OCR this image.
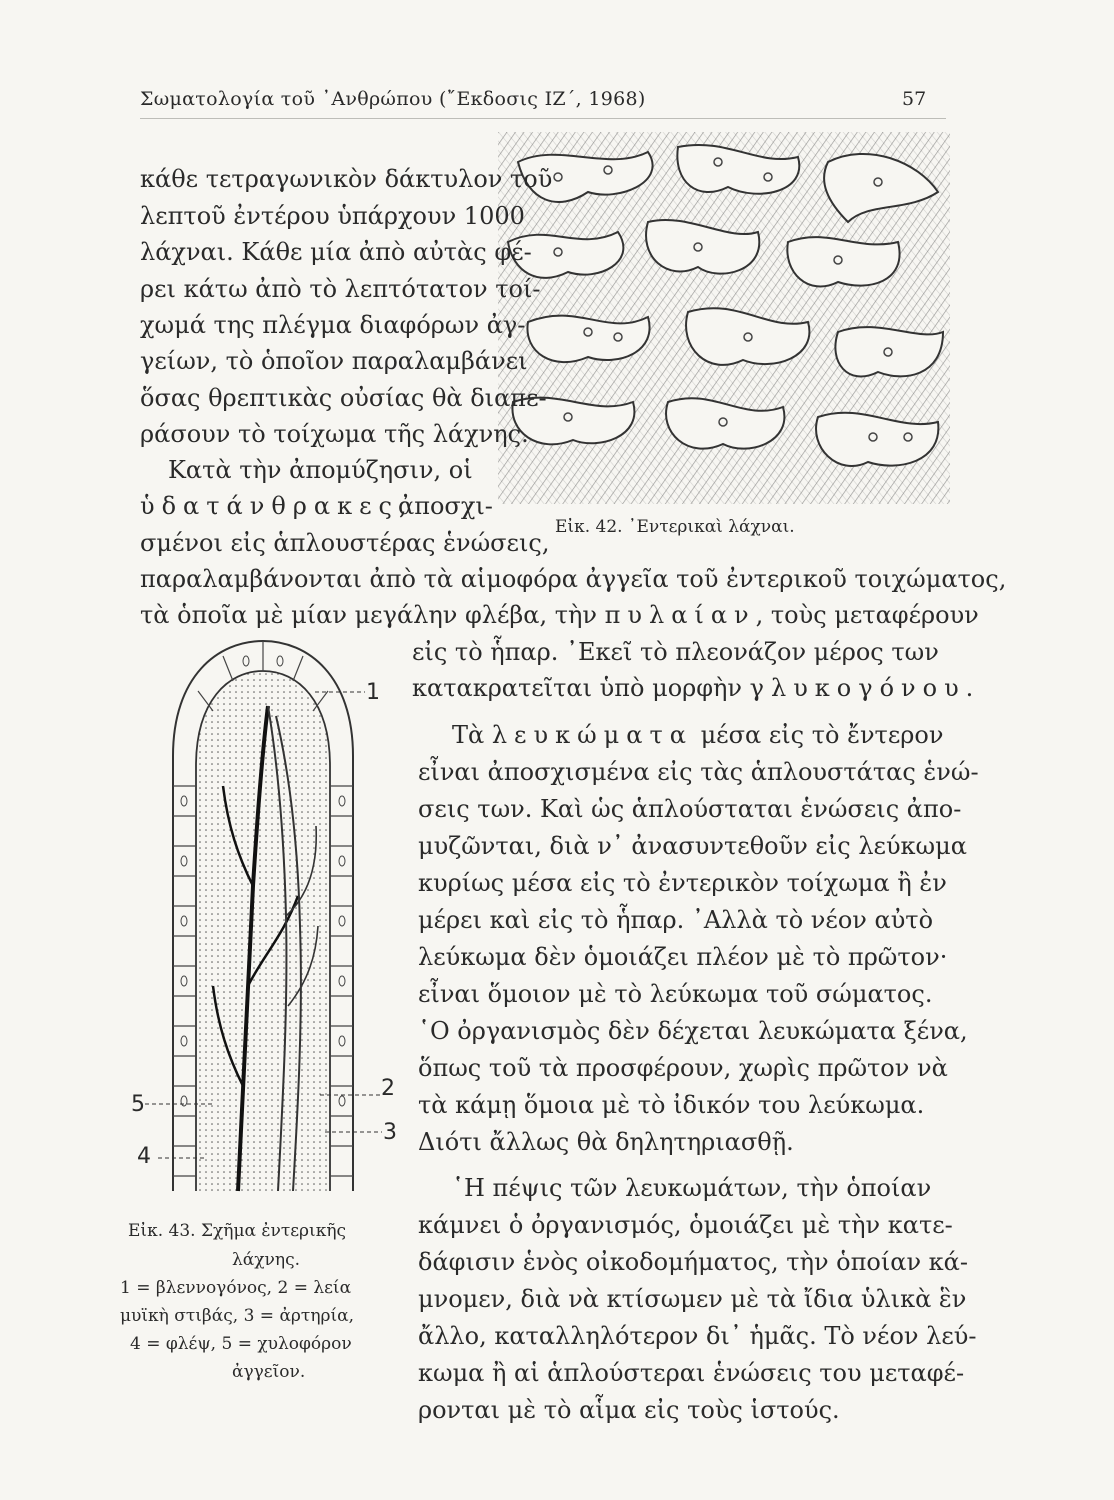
Σωματολογία τοῦ ᾿Ανθρώπου (῎Εκδοσις ΙΖ΄, 1968)	57
1
2
3
5
4
κάθε τετραγωνικὸν δάκτυλον τοῦ
λεπτοῦ ἐντέρου ὑπάρχουν 1000
λάχναι. Κάθε μία ἀπὸ αὐτὰς φέ-
ρει κάτω ἀπὸ τὸ λεπτότατον τοί-
χωμά της πλέγμα διαφόρων ἀγ-
γείων, τὸ ὁποῖον παραλαμβάνει
ὅσας θρεπτικὰς οὐσίας θὰ διαπε-
ράσουν τὸ τοίχωμα τῆς λάχνης.
Κατὰ τὴν ἀπομύζησιν, οἱ
ὑδατάνθρακες,
ἀποσχι-
σμένοι εἰς ἁπλουστέρας ἑνώσεις,
παραλαμβάνονται ἀπὸ τὰ αἱμοφόρα ἀγγεῖα τοῦ ἐντερικοῦ τοιχώματος,
τὰ ὁποῖα μὲ μίαν μεγάλην φλέβα, τὴν πυλαίαν, τοὺς μεταφέρουν
εἰς τὸ ἧπαρ. ᾿Εκεῖ τὸ πλεονάζον μέρος των
κατακρατεῖται ὑπὸ μορφὴν γλυκογόνου.
Εἰκ. 42. ᾿Εντερικαὶ λάχναι.
Τὰ λευκώματα μέσα εἰς τὸ ἔντερον
εἶναι ἀποσχισμένα εἰς τὰς ἁπλουστάτας ἑνώ-
σεις των. Καὶ ὡς ἁπλούσταται ἑνώσεις ἀπο-
μυζῶνται, διὰ ν᾿ ἀνασυντεθοῦν εἰς λεύκωμα
κυρίως μέσα εἰς τὸ ἐντερικὸν τοίχωμα ἢ ἐν
μέρει καὶ εἰς τὸ ἧπαρ. ᾿Αλλὰ τὸ νέον αὐτὸ
λεύκωμα δὲν ὁμοιάζει πλέον μὲ τὸ πρῶτον·
εἶναι ὅμοιον μὲ τὸ λεύκωμα τοῦ σώματος.
῾Ο ὀργανισμὸς δὲν δέχεται λευκώματα ξένα,
ὅπως τοῦ τὰ προσφέρουν, χωρὶς πρῶτον νὰ
τὰ κάμῃ ὅμοια μὲ τὸ ἰδικόν του λεύκωμα.
Διότι ἄλλως θὰ δηλητηριασθῇ.
῾Η πέψις τῶν λευκωμάτων, τὴν ὁποίαν
κάμνει ὁ ὀργανισμός, ὁμοιάζει μὲ τὴν κατε-
δάφισιν ἑνὸς οἰκοδομήματος, τὴν ὁποίαν κά-
μνομεν, διὰ νὰ κτίσωμεν μὲ τὰ ἴδια ὑλικὰ ἓν
ἄλλο, καταλληλότερον δι᾿ ἡμᾶς. Τὸ νέον λεύ-
κωμα ἢ αἱ ἁπλούστεραι ἑνώσεις του μεταφέ-
ρονται μὲ τὸ αἷμα εἰς τοὺς ἱστούς.
Εἰκ. 43. Σχῆμα ἐντερικῆς
λάχνης.
1 = βλεννογόνος, 2 = λεία
μυϊκὴ στιβάς, 3 = ἀρτηρία,
4 = φλέψ, 5 = χυλοφόρον
ἀγγεῖον.
